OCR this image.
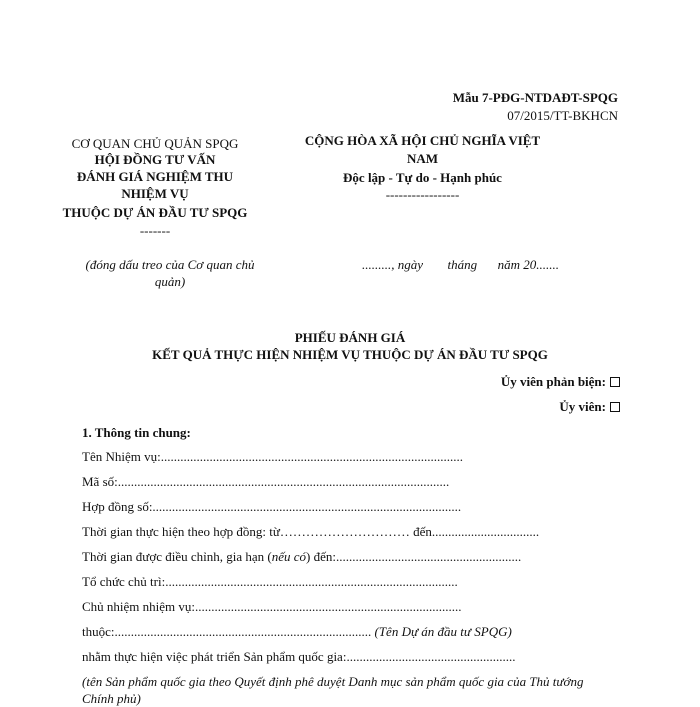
Mẫu 7-PĐG-NTDAĐT-SPQG
07/2015/TT-BKHCN
CƠ QUAN CHỦ QUẢN SPQG
HỘI ĐỒNG TƯ VẤN
ĐÁNH GIÁ NGHIỆM THU
NHIỆM VỤ
THUỘC DỰ ÁN ĐẦU TƯ SPQG
-------
(đóng dấu treo của Cơ quan chủ
quản)
CỘNG HÒA XÃ HỘI CHỦ NGHĨA VIỆT
NAM
Độc lập - Tự do - Hạnh phúc
-----------------
........., ngày tháng năm 20.......
PHIẾU ĐÁNH GIÁ
KẾT QUẢ THỰC HIỆN NHIỆM VỤ THUỘC DỰ ÁN ĐẦU TƯ SPQG
Ủy viên phản biện:
Ủy viên:
1. Thông tin chung:
Tên Nhiệm vụ:.............................................................................................
Mã số:......................................................................................................
Hợp đồng số:...............................................................................................
Thời gian thực hiện theo hợp đồng: từ………………………… đến.................................
Thời gian được điều chỉnh, gia hạn (nếu có) đến:.........................................................
Tổ chức chủ trì:..........................................................................................
Chủ nhiệm nhiệm vụ:..................................................................................
thuộc:............................................................................... (Tên Dự án đầu tư SPQG)
nhằm thực hiện việc phát triển Sản phẩm quốc gia:....................................................
(tên Sản phẩm quốc gia theo Quyết định phê duyệt Danh mục sản phẩm quốc gia của Thủ tướng
Chính phủ)
